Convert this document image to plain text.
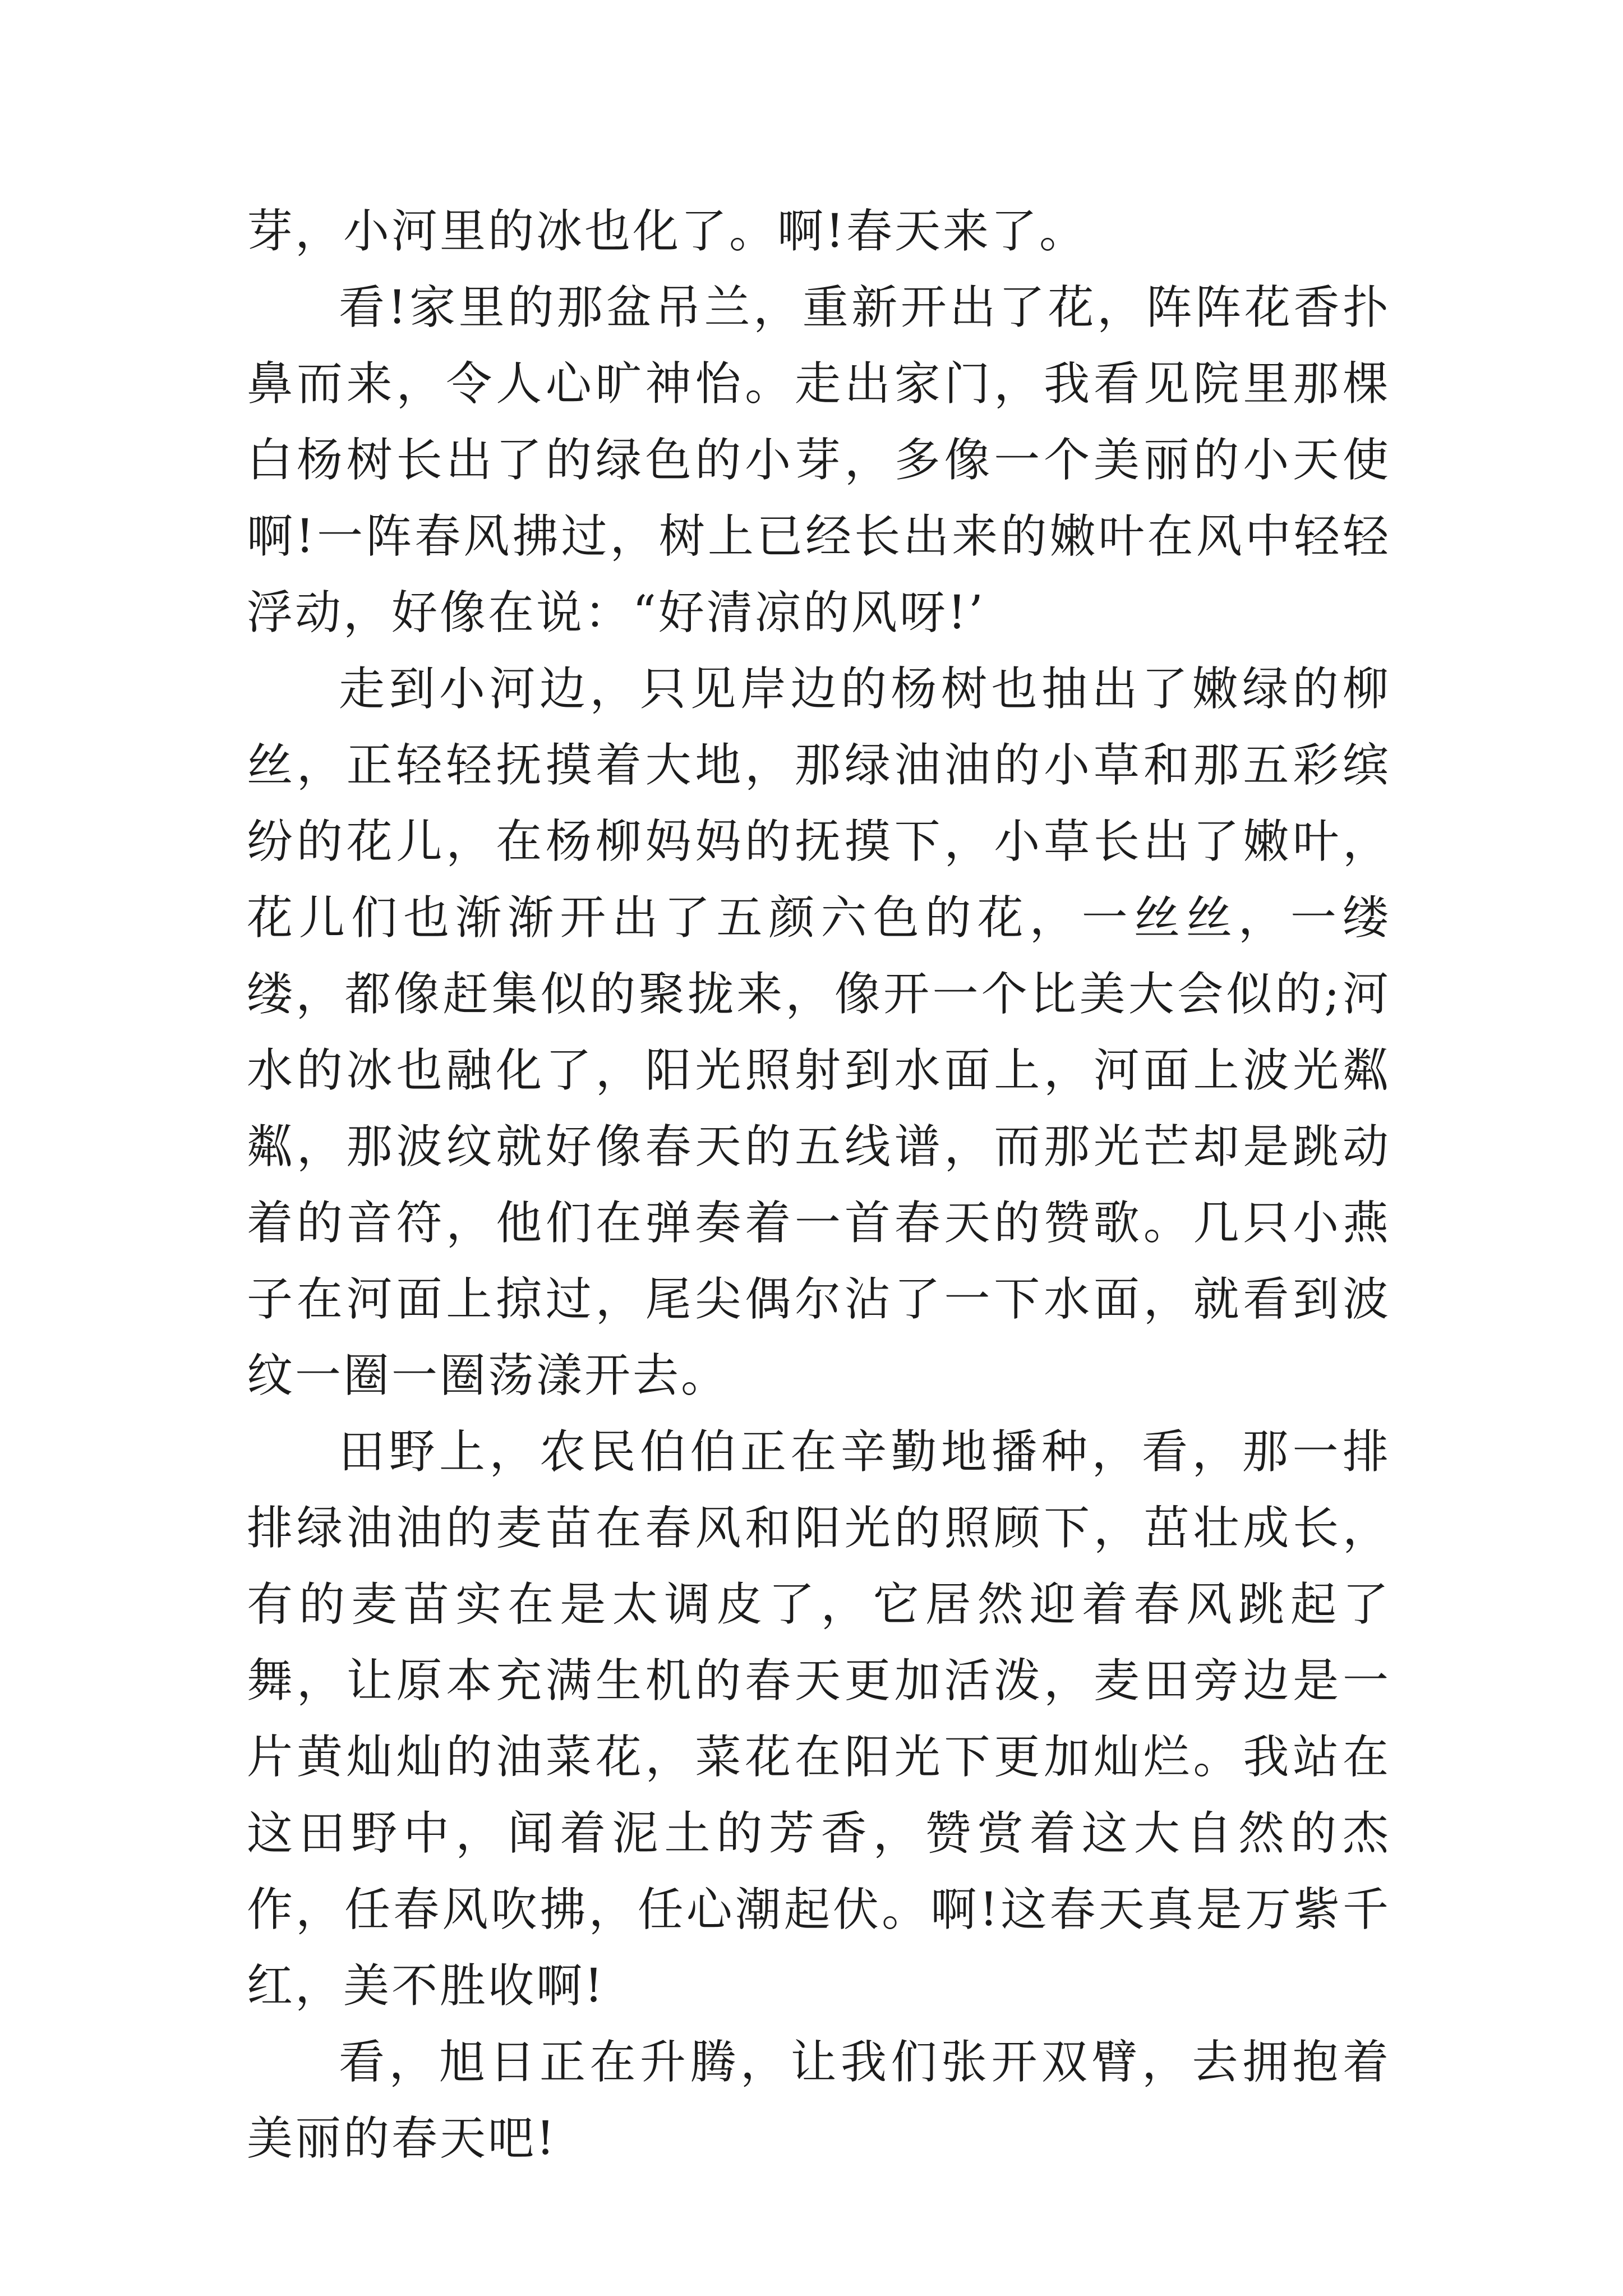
芽，小河里的冰也化了。啊!春天来了。

看!家里的那盆吊兰，重新开出了花，阵阵花香扑鼻而来，令人心旷神怡。走出家门，我看见院里那棵白杨树长出了的绿色的小芽，多像一个美丽的小天使啊!一阵春风拂过，树上已经长出来的嫩叶在风中轻轻浮动，好像在说：“好清凉的风呀!’

走到小河边，只见岸边的杨树也抽出了嫩绿的柳丝，正轻轻抚摸着大地，那绿油油的小草和那五彩缤纷的花儿，在杨柳妈妈的抚摸下，小草长出了嫩叶，花儿们也渐渐开出了五颜六色的花，一丝丝，一缕缕，都像赶集似的聚拢来，像开一个比美大会似的;河水的冰也融化了，阳光照射到水面上，河面上波光粼粼，那波纹就好像春天的五线谱，而那光芒却是跳动着的音符，他们在弹奏着一首春天的赞歌。几只小燕子在河面上掠过，尾尖偶尔沾了一下水面，就看到波纹一圈一圈荡漾开去。

田野上，农民伯伯正在辛勤地播种，看，那一排排绿油油的麦苗在春风和阳光的照顾下，茁壮成长，有的麦苗实在是太调皮了，它居然迎着春风跳起了舞，让原本充满生机的春天更加活泼，麦田旁边是一片黄灿灿的油菜花，菜花在阳光下更加灿烂。我站在这田野中，闻着泥土的芳香，赞赏着这大自然的杰作，任春风吹拂，任心潮起伏。啊!这春天真是万紫千红，美不胜收啊!

看，旭日正在升腾，让我们张开双臂，去拥抱着美丽的春天吧!
